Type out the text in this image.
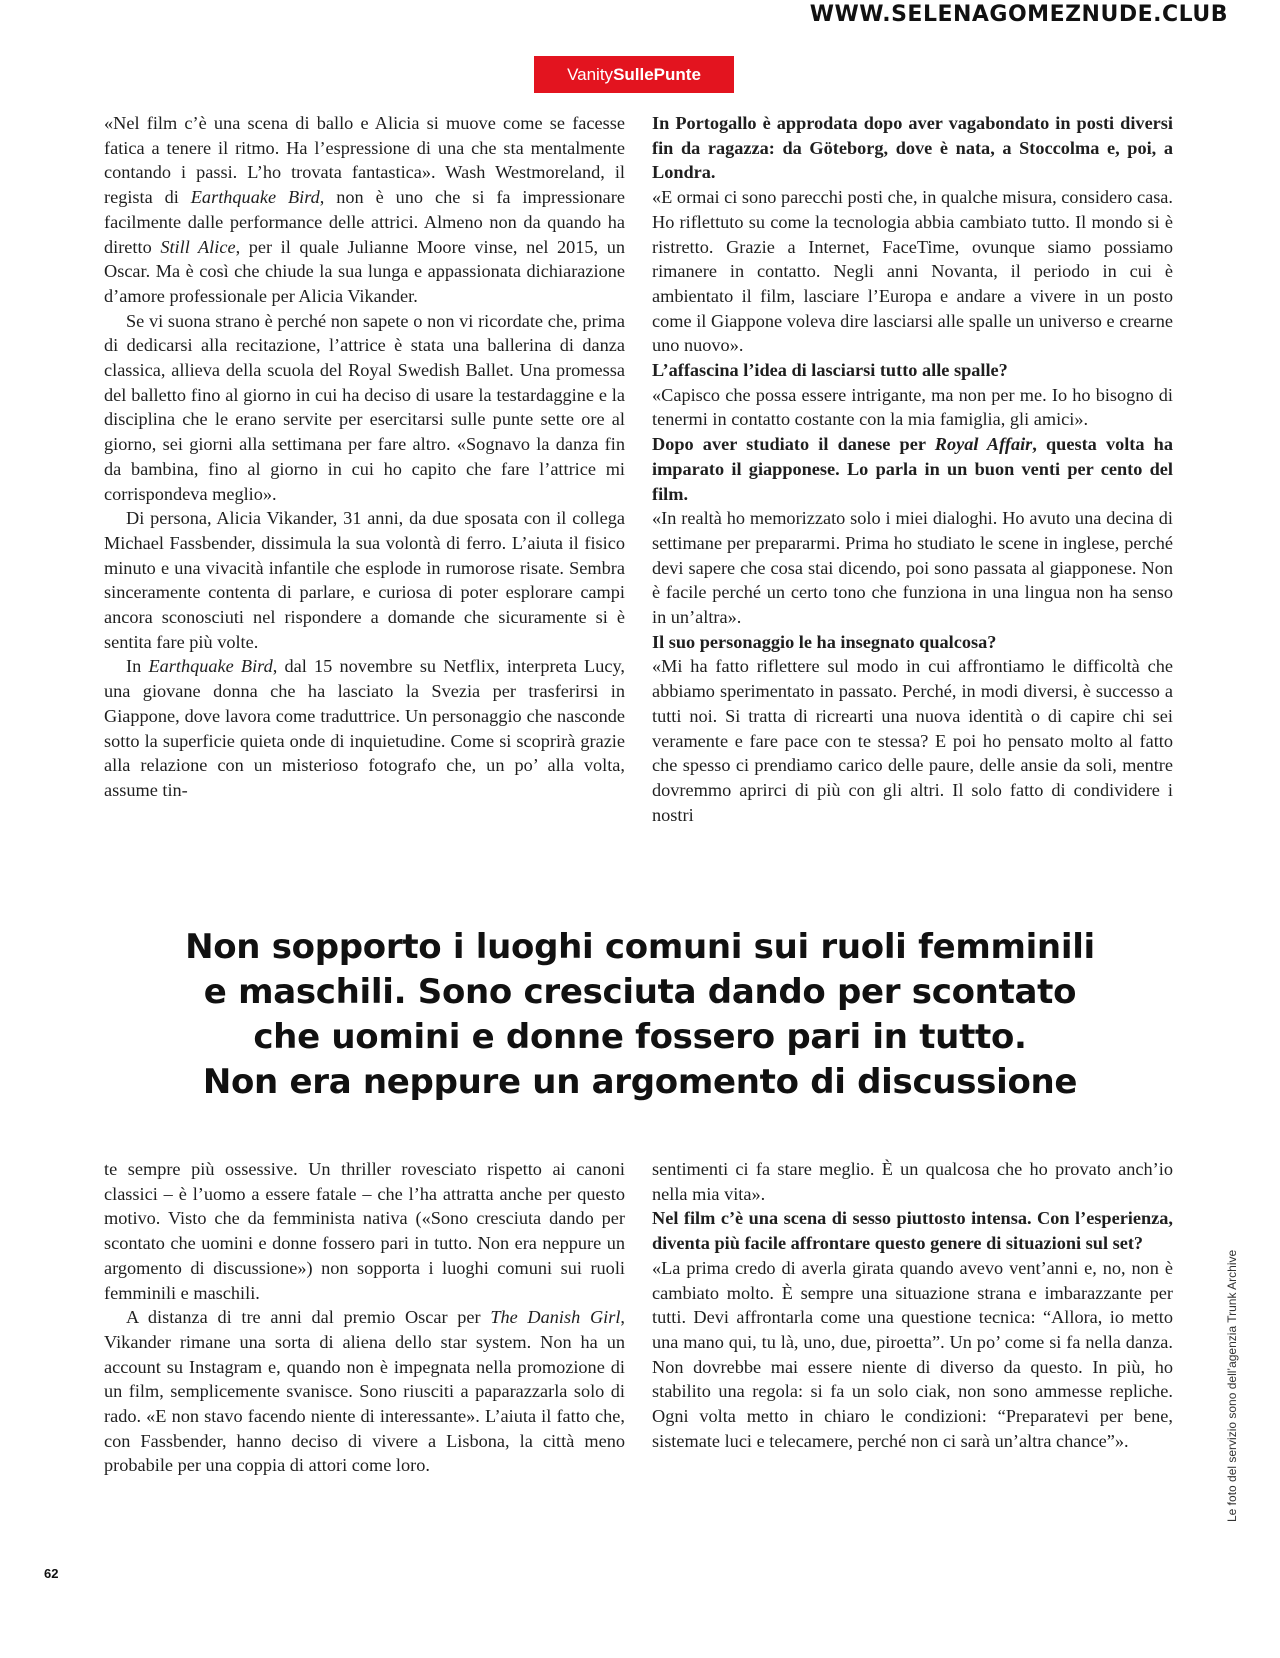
WWW.SELENAGOMEZNUDE.CLUB
VanitySullePunte

«Nel film c’è una scena di ballo e Alicia si muove come se facesse fatica a tenere il ritmo. Ha l’espressione di una che sta mentalmente contando i passi. L’ho trovata fantastica». Wash Westmoreland, il regista di Earthquake Bird, non è uno che si fa impressionare facilmente dalle performance delle attrici. Almeno non da quando ha diretto Still Alice, per il quale Julianne Moore vinse, nel 2015, un Oscar. Ma è così che chiude la sua lunga e appassionata dichiarazione d’amore professionale per Alicia Vikander.

Se vi suona strano è perché non sapete o non vi ricordate che, prima di dedicarsi alla recitazione, l’attrice è stata una ballerina di danza classica, allieva della scuola del Royal Swedish Ballet. Una promessa del balletto fino al giorno in cui ha deciso di usare la testardaggine e la disciplina che le erano servite per esercitarsi sulle punte sette ore al giorno, sei giorni alla settimana per fare altro. «Sognavo la danza fin da bambina, fino al giorno in cui ho capito che fare l’attrice mi corrispondeva meglio».

Di persona, Alicia Vikander, 31 anni, da due sposata con il collega Michael Fassbender, dissimula la sua volontà di ferro. L’aiuta il fisico minuto e una vivacità infantile che esplode in rumorose risate. Sembra sinceramente contenta di parlare, e curiosa di poter esplorare campi ancora sconosciuti nel rispondere a domande che sicuramente si è sentita fare più volte.

In Earthquake Bird, dal 15 novembre su Netflix, interpreta Lucy, una giovane donna che ha lasciato la Svezia per trasferirsi in Giappone, dove lavora come traduttrice. Un personaggio che nasconde sotto la superficie quieta onde di inquietudine. Come si scoprirà grazie alla relazione con un misterioso fotografo che, un po’ alla volta, assume tin-

In Portogallo è approdata dopo aver vagabondato in posti diversi fin da ragazza: da Göteborg, dove è nata, a Stoccolma e, poi, a Londra.

«E ormai ci sono parecchi posti che, in qualche misura, considero casa. Ho riflettuto su come la tecnologia abbia cambiato tutto. Il mondo si è ristretto. Grazie a Internet, FaceTime, ovunque siamo possiamo rimanere in contatto. Negli anni Novanta, il periodo in cui è ambientato il film, lasciare l’Europa e andare a vivere in un posto come il Giappone voleva dire lasciarsi alle spalle un universo e crearne uno nuovo».

L’affascina l’idea di lasciarsi tutto alle spalle?

«Capisco che possa essere intrigante, ma non per me. Io ho bisogno di tenermi in contatto costante con la mia famiglia, gli amici».

Dopo aver studiato il danese per Royal Affair, questa volta ha imparato il giapponese. Lo parla in un buon venti per cento del film.

«In realtà ho memorizzato solo i miei dialoghi. Ho avuto una decina di settimane per prepararmi. Prima ho studiato le scene in inglese, perché devi sapere che cosa stai dicendo, poi sono passata al giapponese. Non è facile perché un certo tono che funziona in una lingua non ha senso in un’altra».

Il suo personaggio le ha insegnato qualcosa?

«Mi ha fatto riflettere sul modo in cui affrontiamo le difficoltà che abbiamo sperimentato in passato. Perché, in modi diversi, è successo a tutti noi. Si tratta di ricrearti una nuova identità o di capire chi sei veramente e fare pace con te stessa? E poi ho pensato molto al fatto che spesso ci prendiamo carico delle paure, delle ansie da soli, mentre dovremmo aprirci di più con gli altri. Il solo fatto di condividere i nostri

Non sopporto i luoghi comuni sui ruoli femminili
e maschili. Sono cresciuta dando per scontato
che uomini e donne fossero pari in tutto.
Non era neppure un argomento di discussione

te sempre più ossessive. Un thriller rovesciato rispetto ai canoni classici – è l’uomo a essere fatale – che l’ha attratta anche per questo motivo. Visto che da femminista nativa («Sono cresciuta dando per scontato che uomini e donne fossero pari in tutto. Non era neppure un argomento di discussione») non sopporta i luoghi comuni sui ruoli femminili e maschili.

A distanza di tre anni dal premio Oscar per The Danish Girl, Vikander rimane una sorta di aliena dello star system. Non ha un account su Instagram e, quando non è impegnata nella promozione di un film, semplicemente svanisce. Sono riusciti a paparazzarla solo di rado. «E non stavo facendo niente di interessante». L’aiuta il fatto che, con Fassbender, hanno deciso di vivere a Lisbona, la città meno probabile per una coppia di attori come loro.

sentimenti ci fa stare meglio. È un qualcosa che ho provato anch’io nella mia vita».

Nel film c’è una scena di sesso piuttosto intensa. Con l’esperienza, diventa più facile affrontare questo genere di situazioni sul set?

«La prima credo di averla girata quando avevo vent’anni e, no, non è cambiato molto. È sempre una situazione strana e imbarazzante per tutti. Devi affrontarla come una questione tecnica: “Allora, io metto una mano qui, tu là, uno, due, piroetta”. Un po’ come si fa nella danza. Non dovrebbe mai essere niente di diverso da questo. In più, ho stabilito una regola: si fa un solo ciak, non sono ammesse repliche. Ogni volta metto in chiaro le condizioni: “Preparatevi per bene, sistemate luci e telecamere, perché non ci sarà un’altra chance”».	Le foto del servizio sono dell’agenzia Trunk Archive
62
